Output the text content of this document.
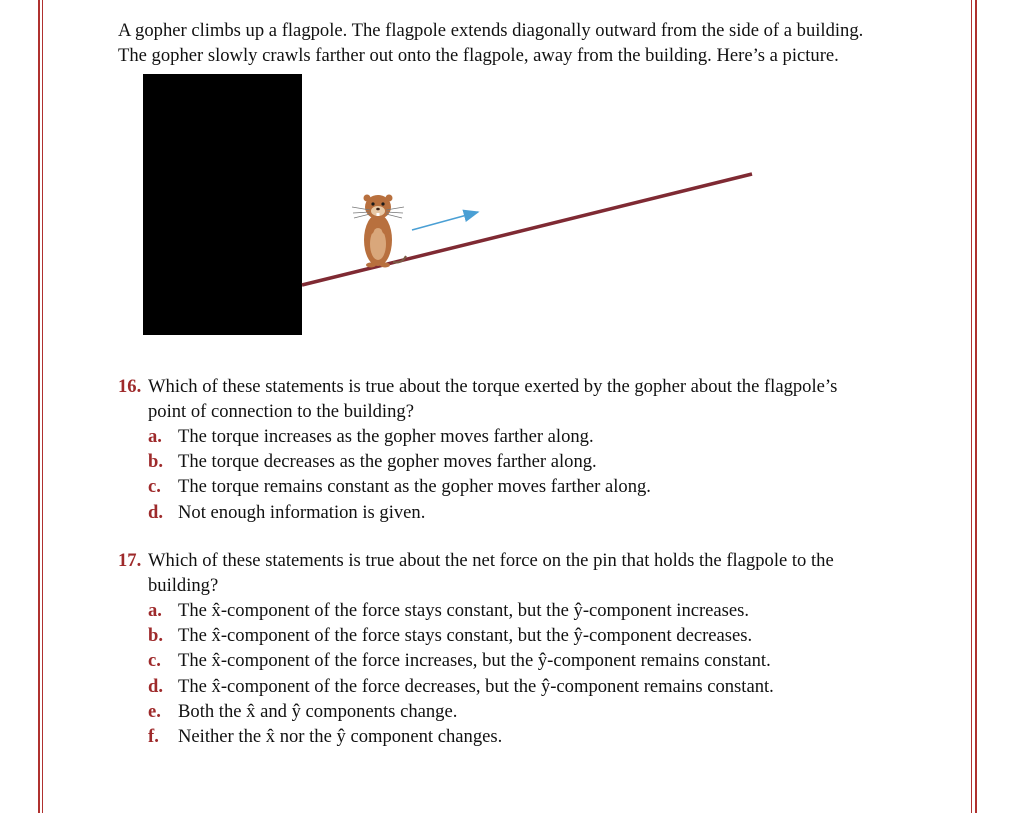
A gopher climbs up a flagpole. The flagpole extends diagonally outward from the side of a building.
The gopher slowly crawls farther out onto the flagpole, away from the building. Here’s a picture.

16. Which of these statements is true about the torque exerted by the gopher about the flagpole’s
point of connection to the building?
a. The torque increases as the gopher moves farther along.
b. The torque decreases as the gopher moves farther along.
c. The torque remains constant as the gopher moves farther along.
d. Not enough information is given.
17. Which of these statements is true about the net force on the pin that holds the flagpole to the
building?
a. The x̂-component of the force stays constant, but the ŷ-component increases.
b. The x̂-component of the force stays constant, but the ŷ-component decreases.
c. The x̂-component of the force increases, but the ŷ-component remains constant.
d. The x̂-component of the force decreases, but the ŷ-component remains constant.
e. Both the x̂ and ŷ components change.
f.	Neither the x̂ nor the ŷ component changes.
